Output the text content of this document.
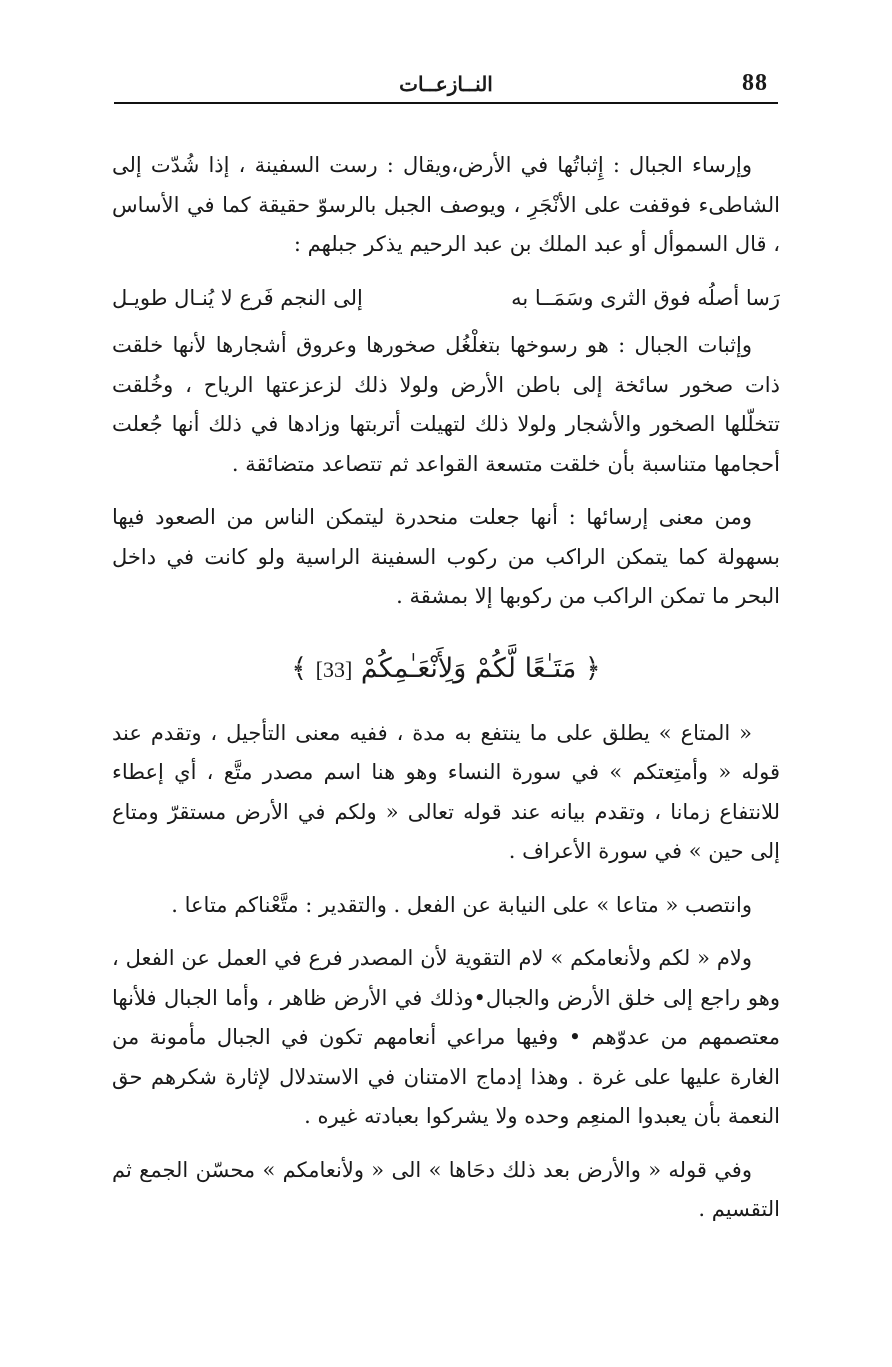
88
النــازعــات

وإرساء الجبال : إِثباتُها في الأرض،ويقال : رست السفينة ، إذا شُدّت إلى الشاطىء فوقفت على الأنْجَرِ ، ويوصف الجبل بالرسوّ حقيقة كما في الأساس ، قال السموأل أو عبد الملك بن عبد الرحيم يذكر جبلهم :

رَسا أصلُه فوق الثرى وسَمَــا به
إلى النجم فَرع لا يُنـال طويـل

وإثبات الجبال : هو رسوخها بتغلْغُل صخورها وعروق أشجارها لأنها خلقت ذات صخور سائخة إلى باطن الأرض ولولا ذلك لزعزعتها الرياح ، وخُلقت تتخلّلها الصخور والأشجار ولولا ذلك لتهيلت أتربتها وزادها في ذلك أنها جُعلت أحجامها متناسبة بأن خلقت متسعة القواعد ثم تتصاعد متضائقة .

ومن معنى إرسائها : أنها جعلت منحدرة ليتمكن الناس من الصعود فيها بسهولة كما يتمكن الراكب من ركوب السفينة الراسية ولو كانت في داخل البحر ما تمكن الراكب من ركوبها إلا بمشقة .

﴿ مَتَـٰعًا لَّكُمْ وَلِأَنْعَـٰمِكُمْ [33] ﴾

« المتاع » يطلق على ما ينتفع به مدة ، ففيه معنى التأجيل ، وتقدم عند قوله « وأمتِعتكم » في سورة النساء وهو هنا اسم مصدر متَّع ، أي إعطاء للانتفاع زمانا ، وتقدم بيانه عند قوله تعالى « ولكم في الأرض مستقرّ ومتاع إلى حين » في سورة الأعراف .

وانتصب « متاعا » على النيابة عن الفعل . والتقدير : متَّعْناكم متاعا .

ولام « لكم ولأنعامكم » لام التقوية لأن المصدر فرع في العمل عن الفعل ، وهو راجع إلى خلق الأرض والجبال•وذلك في الأرض ظاهر ، وأما الجبال فلأنها معتصمهم من عدوّهم • وفيها مراعي أنعامهم تكون في الجبال مأمونة من الغارة عليها على غرة . وهذا إدماج الامتنان في الاستدلال لإثارة شكرهم حق النعمة بأن يعبدوا المنعِم وحده ولا يشركوا بعبادته غيره .

وفي قوله « والأرض بعد ذلك دحَاها » الى « ولأنعامكم » محسّن الجمع ثم التقسيم .
